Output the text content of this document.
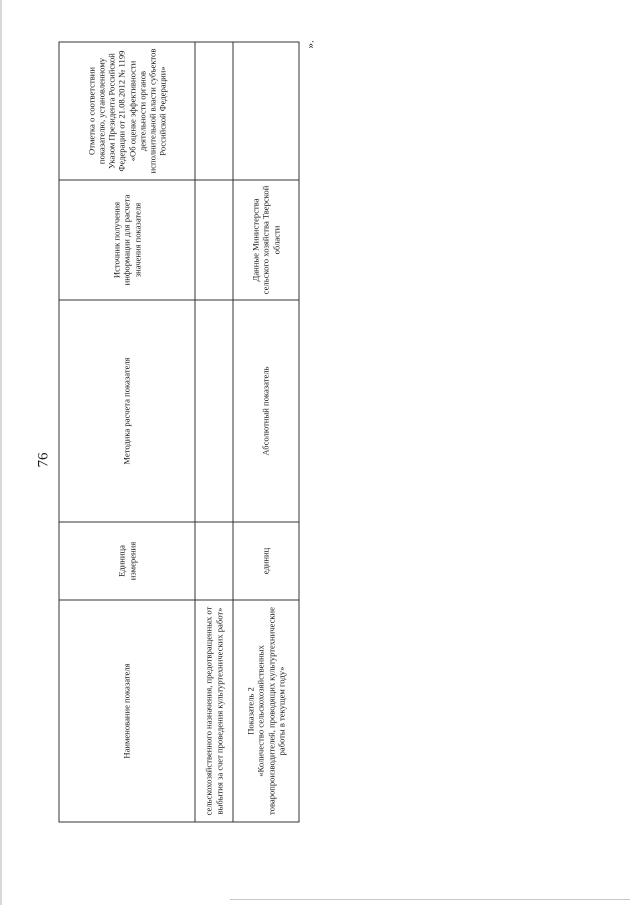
76
Наименование показателя	Единица измерения	Методика расчета показателя	Источник получения информации для расчета значения показателя	Отметка о соответствии показателю, установленному Указом Президента Российской Федерации от 21.08.2012 № 1199 «Об оценке эффективности деятельности органов исполнительной власти субъектов Российской Федерации»

сельскохозяйственного назначения, предотвращенных от выбытия за счет проведения культуртехнических работ»				

Показатель 2 «Количество сельскохозяйственных товаропроизводителей, проводящих культуртехнические работы в текущем году»	единиц	Абсолютный показатель	Данные Министерства сельского хозяйства Тверской области	
».
